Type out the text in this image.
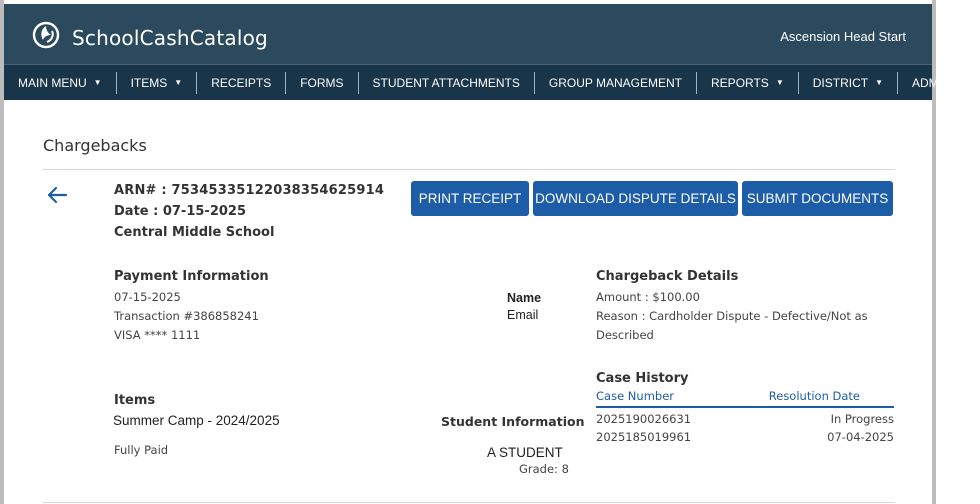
SchoolCashCatalog	Ascension Head Start
MAIN MENU ▼ ITEMS ▼ RECEIPTS FORMS STUDENT ATTACHMENTS GROUP MANAGEMENT REPORTS ▼ DISTRICT ▼ ADMIN ▼
Chargebacks
ARN# : 7534533512203835462591​4
Date : 07-15-2025
Central Middle School
PRINT RECEIPT	DOWNLOAD DISPUTE DETAILS SUBMIT DOCUMENTS
Payment Information
07-15-2025
Transaction #386858241
VISA **** 1111
Name
Email
Chargeback Details
Amount : $100.00
Reason : Cardholder Dispute - Defective/Not as
Described
Items
Summer Camp - 2024/2025
Fully Paid
Student Information
A STUDENT
Grade: 8
Case History
Case Number	Resolution Date
2025190026631	In Progress
2025185019961	07-04-2025
